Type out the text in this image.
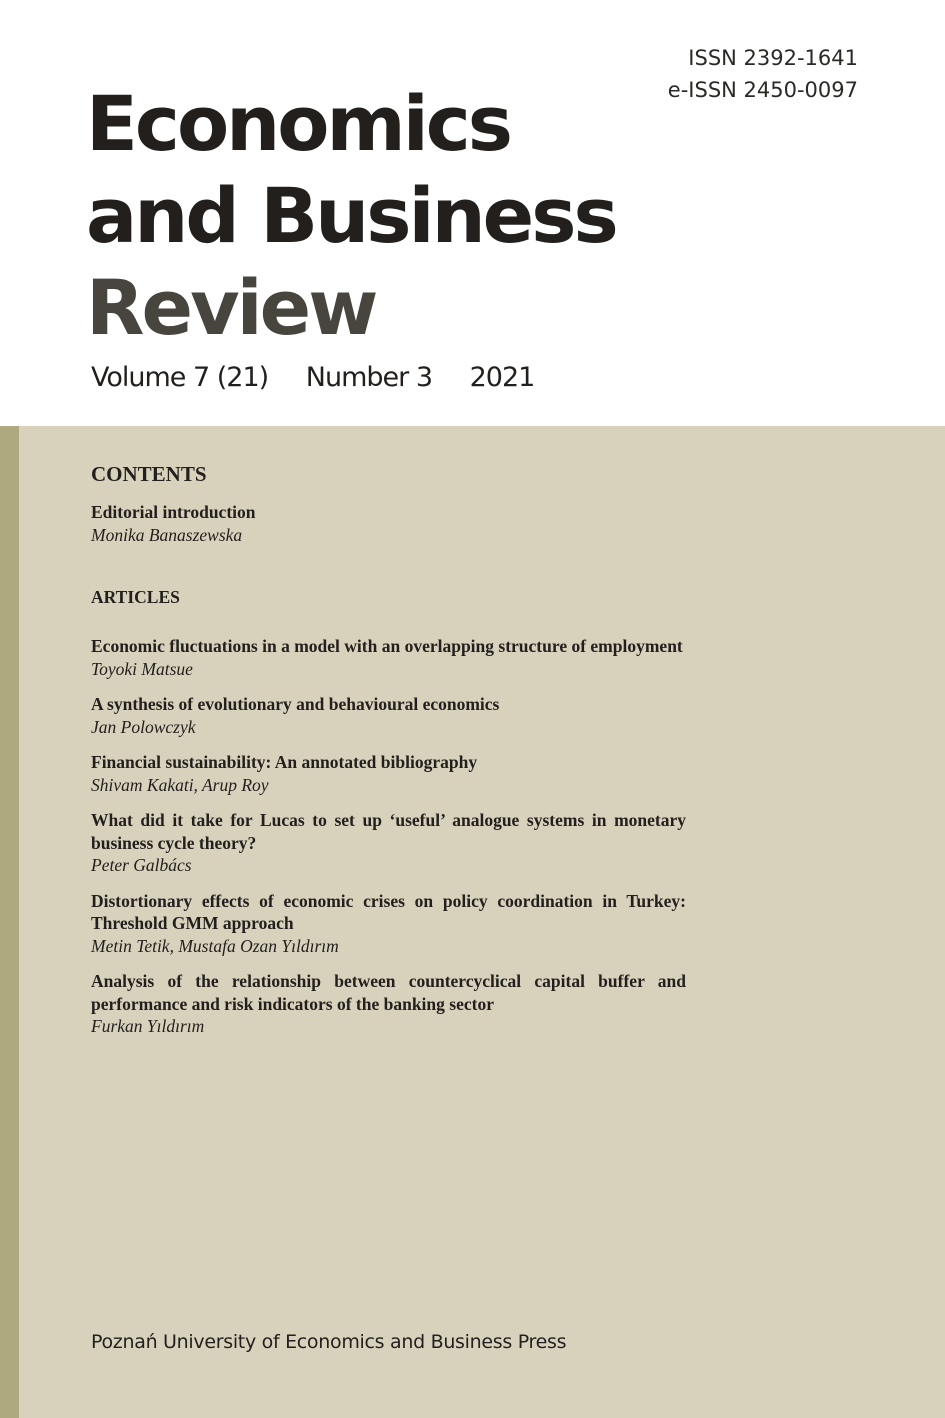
ISSN 2392-1641
e-ISSN 2450-0097
Economics
and Business
Review
Volume 7 (21) Number 3 2021
CONTENTS
Editorial introduction
Monika Banaszewska
ARTICLES
Economic fluctuations in a model with an overlapping structure of employment
Toyoki Matsue
A synthesis of evolutionary and behavioural economics
Jan Polowczyk
Financial sustainability: An annotated bibliography
Shivam Kakati, Arup Roy
What did it take for Lucas to set up ‘useful’ analogue systems in monetary business cycle theory?
Peter Galbács
Distortionary effects of economic crises on policy coordination in Turkey: Threshold GMM approach
Metin Tetik, Mustafa Ozan Yıldırım
Analysis of the relationship between countercyclical capital buffer and performance and risk indicators of the banking sector
Furkan Yıldırım
Poznań University of Economics and Business Press
